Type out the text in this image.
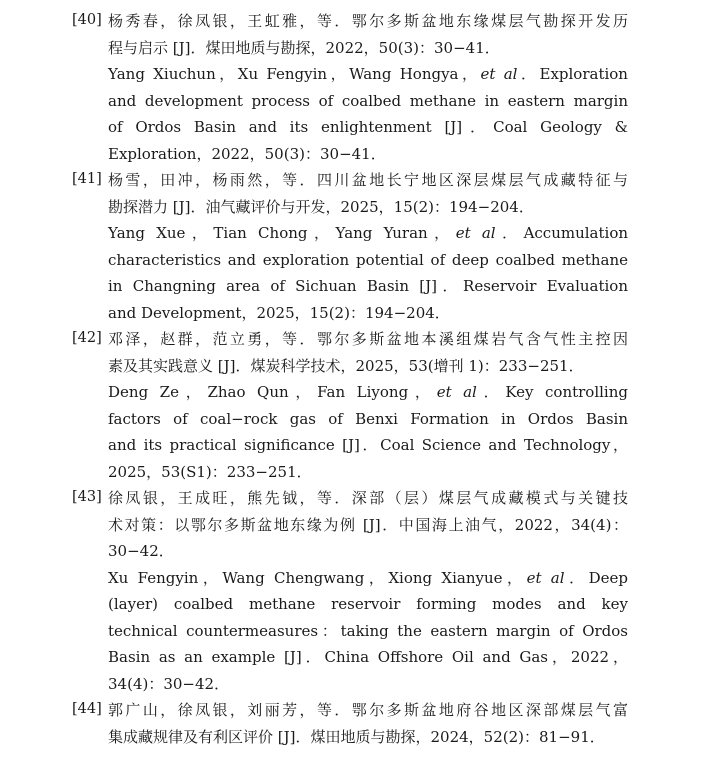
[40] 杨秀春，徐凤银，王虹雅，等．鄂尔多斯盆地东缘煤层气勘探开发历
程与启示 [J]．煤田地质与勘探，2022，50(3)：30−41．
Yang Xiuchun，Xu Fengyin，Wang Hongya，et al．Exploration
and development process of coalbed methane in eastern margin
of Ordos Basin and its enlightenment [J]．Coal Geology &
Exploration，2022，50(3)：30−41．
[41] 杨雪，田冲，杨雨然，等．四川盆地长宁地区深层煤层气成藏特征与
勘探潜力 [J]．油气藏评价与开发，2025，15(2)：194−204．
Yang Xue，Tian Chong，Yang Yuran，et al．Accumulation
characteristics and exploration potential of deep coalbed methane
in Changning area of Sichuan Basin [J]．Reservoir Evaluation
and Development，2025，15(2)：194−204．
[42] 邓泽，赵群，范立勇，等．鄂尔多斯盆地本溪组煤岩气含气性主控因
素及其实践意义 [J]．煤炭科学技术，2025，53(增刊 1)：233−251．
Deng Ze，Zhao Qun，Fan Liyong，et al．Key controlling
factors of coal−rock gas of Benxi Formation in Ordos Basin
and its practical significance [J]．Coal Science and Technology，
2025，53(S1)：233−251．
[43] 徐凤银，王成旺，熊先钺，等．深部（层）煤层气成藏模式与关键技
术对策：以鄂尔多斯盆地东缘为例 [J]．中国海上油气，2022，34(4)：
30−42．
Xu Fengyin，Wang Chengwang，Xiong Xianyue，et al．Deep
(layer) coalbed methane reservoir forming modes and key
technical countermeasures：taking the eastern margin of Ordos
Basin as an example [J]．China Offshore Oil and Gas，2022，
34(4)：30−42．
[44] 郭广山，徐凤银，刘丽芳，等．鄂尔多斯盆地府谷地区深部煤层气富
集成藏规律及有利区评价 [J]．煤田地质与勘探，2024，52(2)：81−91．
